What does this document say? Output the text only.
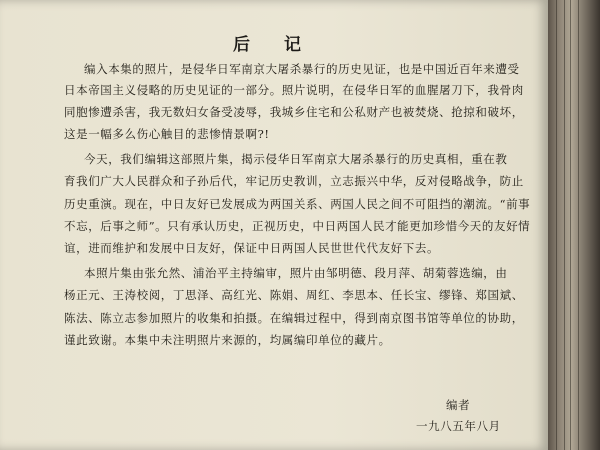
后 记
编入本集的照片，是侵华日军南京大屠杀暴行的历史见证，也是中国近百年来遭受
日本帝国主义侵略的历史见证的一部分。照片说明，在侵华日军的血腥屠刀下，我骨肉
同胞惨遭杀害，我无数妇女备受凌辱，我城乡住宅和公私财产也被焚烧、抢掠和破坏，
这是一幅多么伤心触目的悲惨情景啊?!
今天，我们编辑这部照片集，揭示侵华日军南京大屠杀暴行的历史真相，重在教
育我们广大人民群众和子孙后代，牢记历史教训，立志振兴中华，反对侵略战争，防止
历史重演。现在，中日友好已发展成为两国关系、两国人民之间不可阻挡的潮流。“前事
不忘，后事之师”。只有承认历史，正视历史，中日两国人民才能更加珍惜今天的友好情
谊，进而维护和发展中日友好，保证中日两国人民世世代代友好下去。
本照片集由张允然、浦治平主持编审，照片由邹明德、段月萍、胡菊蓉选编，由
杨正元、王涛校阅，丁思泽、高红光、陈娟、周红、李思本、任长宝、缪锋、郑国斌、
陈法、陈立志参加照片的收集和拍摄。在编辑过程中，得到南京图书馆等单位的协助，
谨此致谢。本集中未注明照片来源的，均属编印单位的藏片。
编者
一九八五年八月
